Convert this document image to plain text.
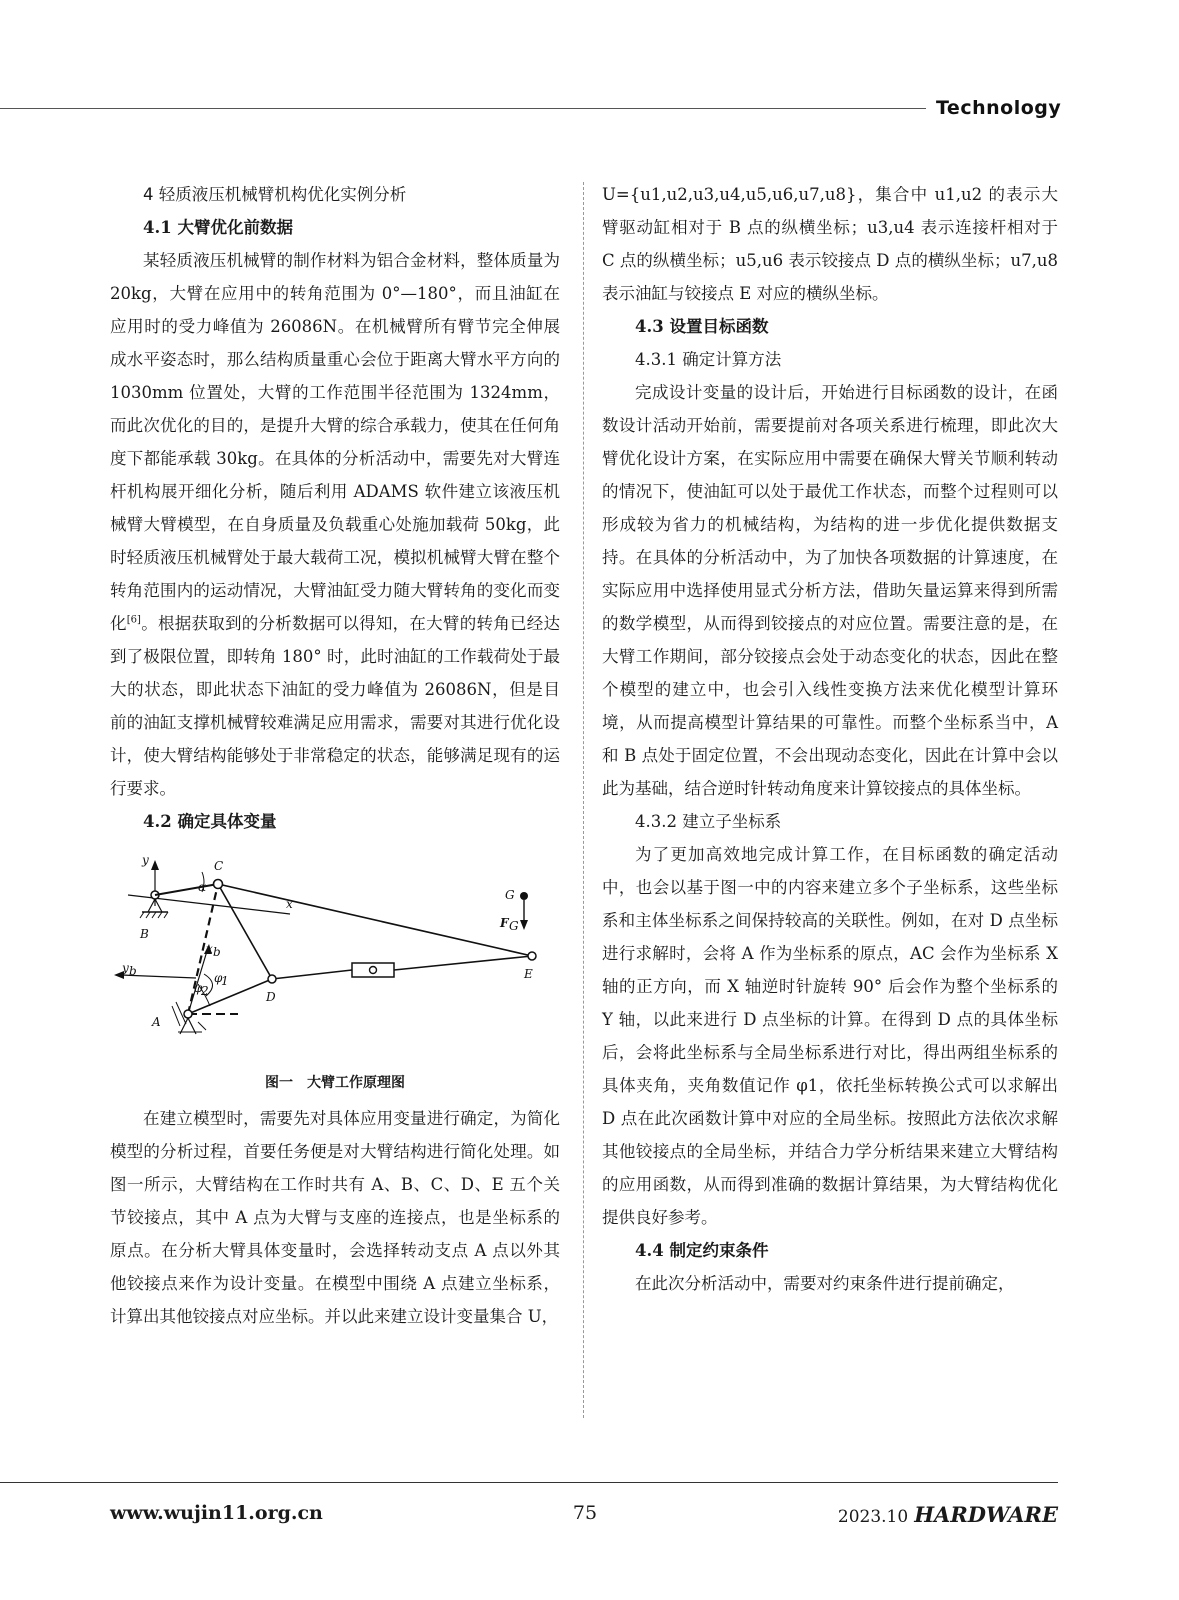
Technology
4 轻质液压机械臂机构优化实例分析
4.1 大臂优化前数据

某轻质液压机械臂的制作材料为铝合金材料，整体质量为 20kg，大臂在应用中的转角范围为 0°—180°，而且油缸在应用时的受力峰值为 26086N。在机械臂所有臂节完全伸展成水平姿态时，那么结构质量重心会位于距离大臂水平方向的 1030mm 位置处，大臂的工作范围半径范围为 1324mm，而此次优化的目的，是提升大臂的综合承载力，使其在任何角度下都能承载 30kg。在具体的分析活动中，需要先对大臂连杆机构展开细化分析，随后利用 ADAMS 软件建立该液压机械臂大臂模型，在自身质量及负载重心处施加载荷 50kg，此时轻质液压机械臂处于最大载荷工况，模拟机械臂大臂在整个转角范围内的运动情况，大臂油缸受力随大臂转角的变化而变化[6]。根据获取到的分析数据可以得知，在大臂的转角已经达到了极限位置，即转角 180° 时，此时油缸的工作载荷处于最大的状态，即此状态下油缸的受力峰值为 26086N，但是目前的油缸支撑机械臂较难满足应用需求，需要对其进行优化设计，使大臂结构能够处于非常稳定的状态，能够满足现有的运行要求。

4.2 确定具体变量
y	C
α
x
B
G
F G
x b
y b	φ
1
φ
2	D
E
A
图一　大臂工作原理图

在建立模型时，需要先对具体应用变量进行确定，为简化模型的分析过程，首要任务便是对大臂结构进行简化处理。如图一所示，大臂结构在工作时共有 A、B、C、D、E 五个关节铰接点，其中 A 点为大臂与支座的连接点，也是坐标系的原点。在分析大臂具体变量时，会选择转动支点 A 点以外其他铰接点来作为设计变量。在模型中围绕 A 点建立坐标系，计算出其他铰接点对应坐标。并以此来建立设计变量集合 U，

U={u1,u2,u3,u4,u5,u6,u7,u8}，集合中 u1,u2 的表示大臂驱动缸相对于 B 点的纵横坐标；u3,u4 表示连接杆相对于 C 点的纵横坐标；u5,u6 表示铰接点 D 点的横纵坐标；u7,u8 表示油缸与铰接点 E 对应的横纵坐标。

4.3 设置目标函数
4.3.1 确定计算方法

完成设计变量的设计后，开始进行目标函数的设计，在函数设计活动开始前，需要提前对各项关系进行梳理，即此次大臂优化设计方案，在实际应用中需要在确保大臂关节顺利转动的情况下，使油缸可以处于最优工作状态，而整个过程则可以形成较为省力的机械结构，为结构的进一步优化提供数据支持。在具体的分析活动中，为了加快各项数据的计算速度，在实际应用中选择使用显式分析方法，借助矢量运算来得到所需的数学模型，从而得到铰接点的对应位置。需要注意的是，在大臂工作期间，部分铰接点会处于动态变化的状态，因此在整个模型的建立中，也会引入线性变换方法来优化模型计算环境，从而提高模型计算结果的可靠性。而整个坐标系当中，A 和 B 点处于固定位置，不会出现动态变化，因此在计算中会以此为基础，结合逆时针转动角度来计算铰接点的具体坐标。

4.3.2 建立子坐标系

为了更加高效地完成计算工作，在目标函数的确定活动中，也会以基于图一中的内容来建立多个子坐标系，这些坐标系和主体坐标系之间保持较高的关联性。例如，在对 D 点坐标进行求解时，会将 A 作为坐标系的原点，AC 会作为坐标系 X 轴的正方向，而 X 轴逆时针旋转 90° 后会作为整个坐标系的 Y 轴，以此来进行 D 点坐标的计算。在得到 D 点的具体坐标后，会将此坐标系与全局坐标系进行对比，得出两组坐标系的具体夹角，夹角数值记作 φ1，依托坐标转换公式可以求解出 D 点在此次函数计算中对应的全局坐标。按照此方法依次求解其他铰接点的全局坐标，并结合力学分析结果来建立大臂结构的应用函数，从而得到准确的数据计算结果，为大臂结构优化提供良好参考。

4.4 制定约束条件

在此次分析活动中，需要对约束条件进行提前确定，

www.wujin11.org.cn	75	2023.10 HARDWARE
